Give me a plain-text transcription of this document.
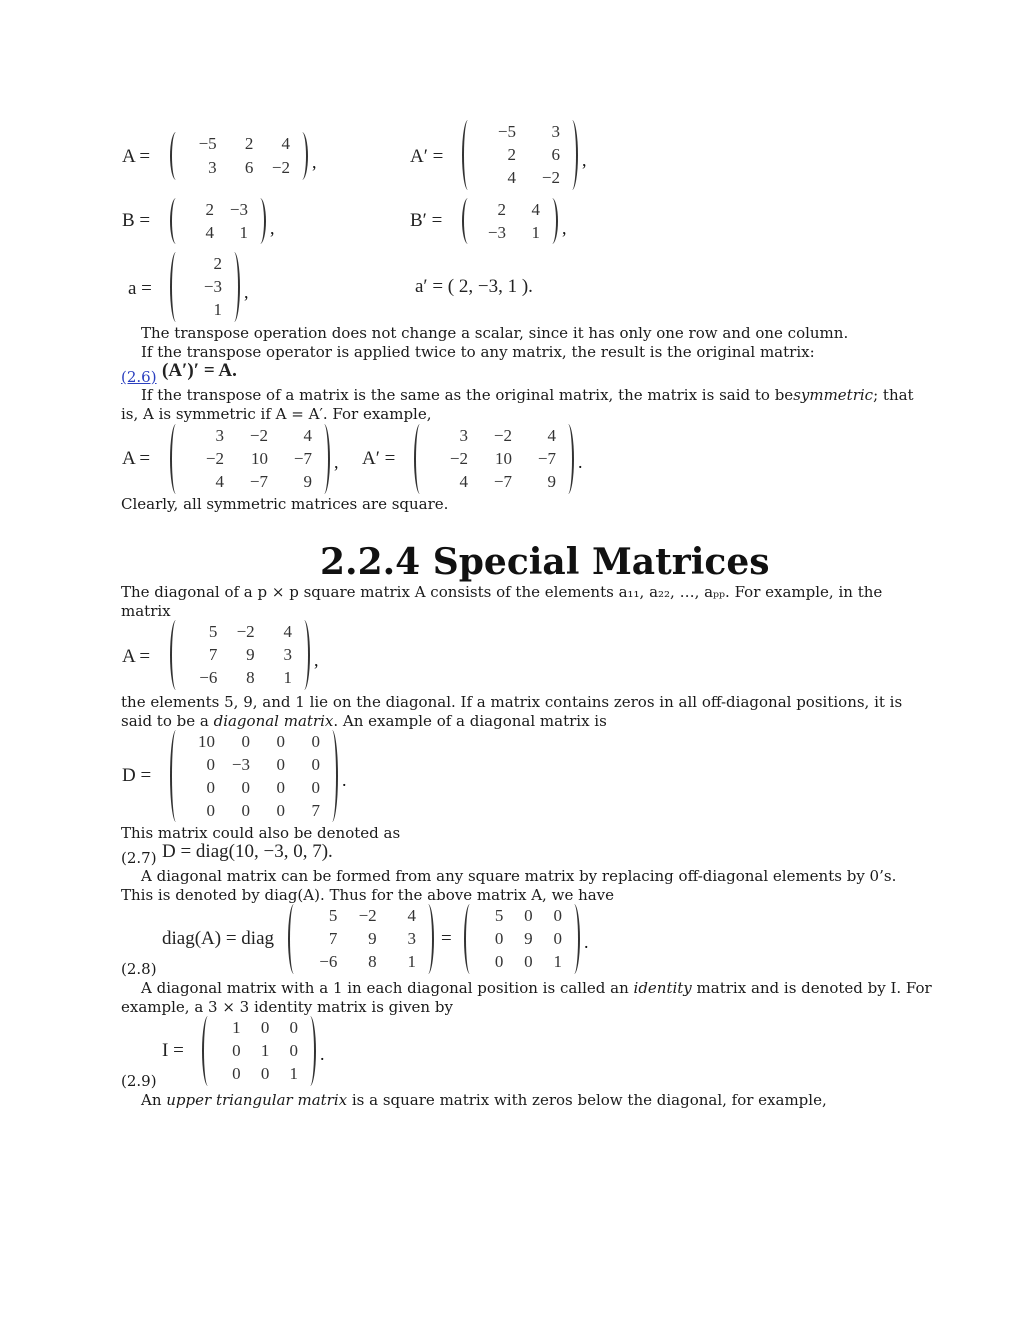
A =
−5	2	4
3	6	−2 ,	A′ =
−5	3
2	6
4	−2
,
B =
2 −3
4	1 ,	B′ =
2	4
−3	1 ,
a =
2
−3
1
,	a′ = ( 2, −3, 1 ).
The transpose operation does not change a scalar, since it has only one row and one column.
If the transpose operator is applied twice to any matrix, the result is the original matrix:
(2.6) (A′)′ = A.
If the transpose of a matrix is the same as the original matrix, the matrix is said to besymmetric; that
is, A is symmetric if A = A′. For example,
A =
3	−2	4
−2	10	−7
4	−7	9
, A′ =
3	−2	4
−2	10	−7
4	−7	9
.
Clearly, all symmetric matrices are square.
2.2.4 Special Matrices
The diagonal of a p × p square matrix A consists of the elements a₁₁, a₂₂, …, aₚₚ. For example, in the
matrix
A =
5	−2	4
7	9	3
−6	8	1
,
the elements 5, 9, and 1 lie on the diagonal. If a matrix contains zeros in all off-diagonal positions, it is
said to be a diagonal matrix. An example of a diagonal matrix is
D =
10	0	0	0
0 −3	0	0
0	0	0	0
0	0	0	7
.
This matrix could also be denoted as
(2.7) D = diag(10, −3, 0, 7).
A diagonal matrix can be formed from any square matrix by replacing off-diagonal elements by 0’s.
This is denoted by diag(A). Thus for the above matrix A, we have
diag(A) = diag
5	−2	4
7	9	3
−6	8	1
=
5	0	0
0	9	0
0	0	1
.
(2.8)
A diagonal matrix with a 1 in each diagonal position is called an identity matrix and is denoted by I. For
example, a 3 × 3 identity matrix is given by
I =
1	0	0
0	1	0
0	0	1
.
(2.9)
An upper triangular matrix is a square matrix with zeros below the diagonal, for example,
